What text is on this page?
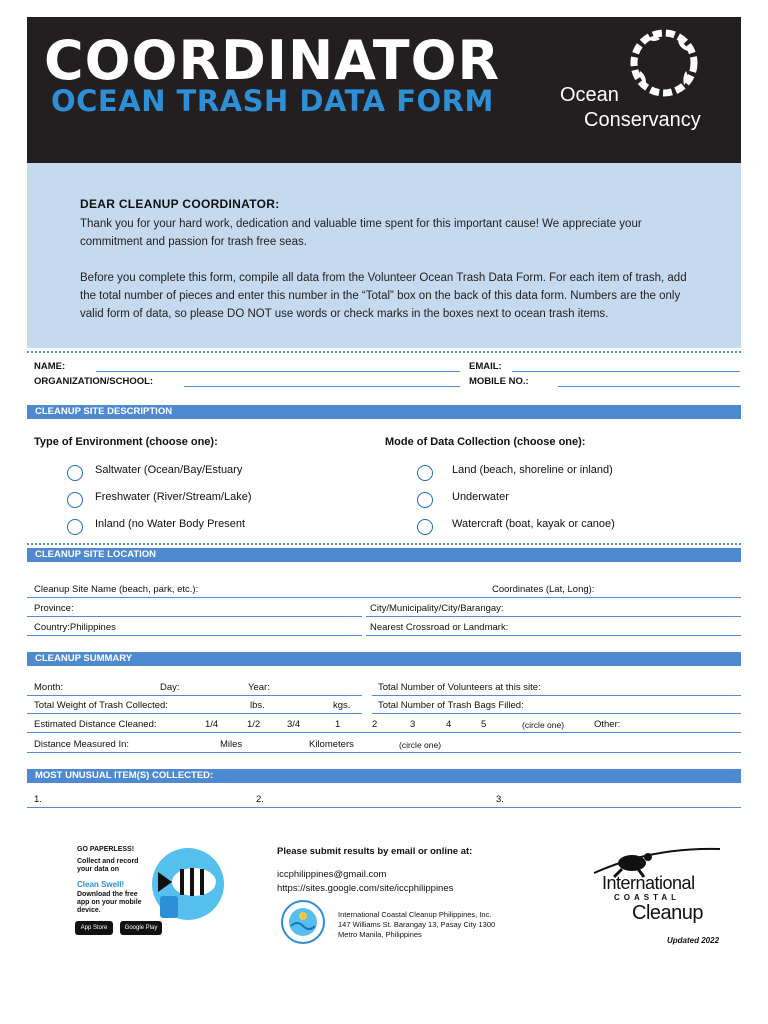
COORDINATOR
OCEAN TRASH DATA FORM	Ocean
Conservancy
DEAR CLEANUP COORDINATOR:

Thank you for your hard work, dedication and valuable time spent for this important cause! We appreciate your commitment and passion for trash free seas.

Before you complete this form, compile all data from the Volunteer Ocean Trash Data Form. For each item of trash, add the total number of pieces and enter this number in the “Total” box on the back of this data form. Numbers are the only valid form of data, so please DO NOT use words or check marks in the boxes next to ocean trash items.

NAME:	EMAIL:
ORGANIZATION/SCHOOL:	MOBILE NO.:
CLEANUP SITE DESCRIPTION
Type of Environment (choose one):	Mode of Data Collection (choose one):
Saltwater (Ocean/Bay/Estuary
Freshwater (River/Stream/Lake)
Inland (no Water Body Present
Land (beach, shoreline or inland)
Underwater
Watercraft (boat, kayak or canoe)
CLEANUP SITE LOCATION
Cleanup Site Name (beach, park, etc.):	Coordinates (Lat, Long):
Province:	City/Municipality/City/Barangay:
Country:Philippines	Nearest Crossroad or Landmark:
CLEANUP SUMMARY
Month:	Day:	Year:	Total Number of Volunteers at this site:
Total Weight of Trash Collected:	lbs.	kgs.	Total Number of Trash Bags Filled:
Estimated Distance Cleaned:	1/4	1/2	3/4	1	2	3	4	5	(circle one)	Other:
Distance Measured In:	Miles	Kilometers	(circle one)
MOST UNUSUAL ITEM(S) COLLECTED:
1.	2.	3.
GO PAPERLESS!
Collect and record your data on
Clean Swell!
Download the free app on your mobile device.
App Store	Google Play
Please submit results by email or online at:
iccphilippines@gmail.com
https://sites.google.com/site/iccphilippines
International Coastal Cleanup Philippines, Inc.
147 Williams St. Barangay 13, Pasay City 1300
Metro Manila, Philippines
International
COASTAL
Cleanup
Updated 2022
